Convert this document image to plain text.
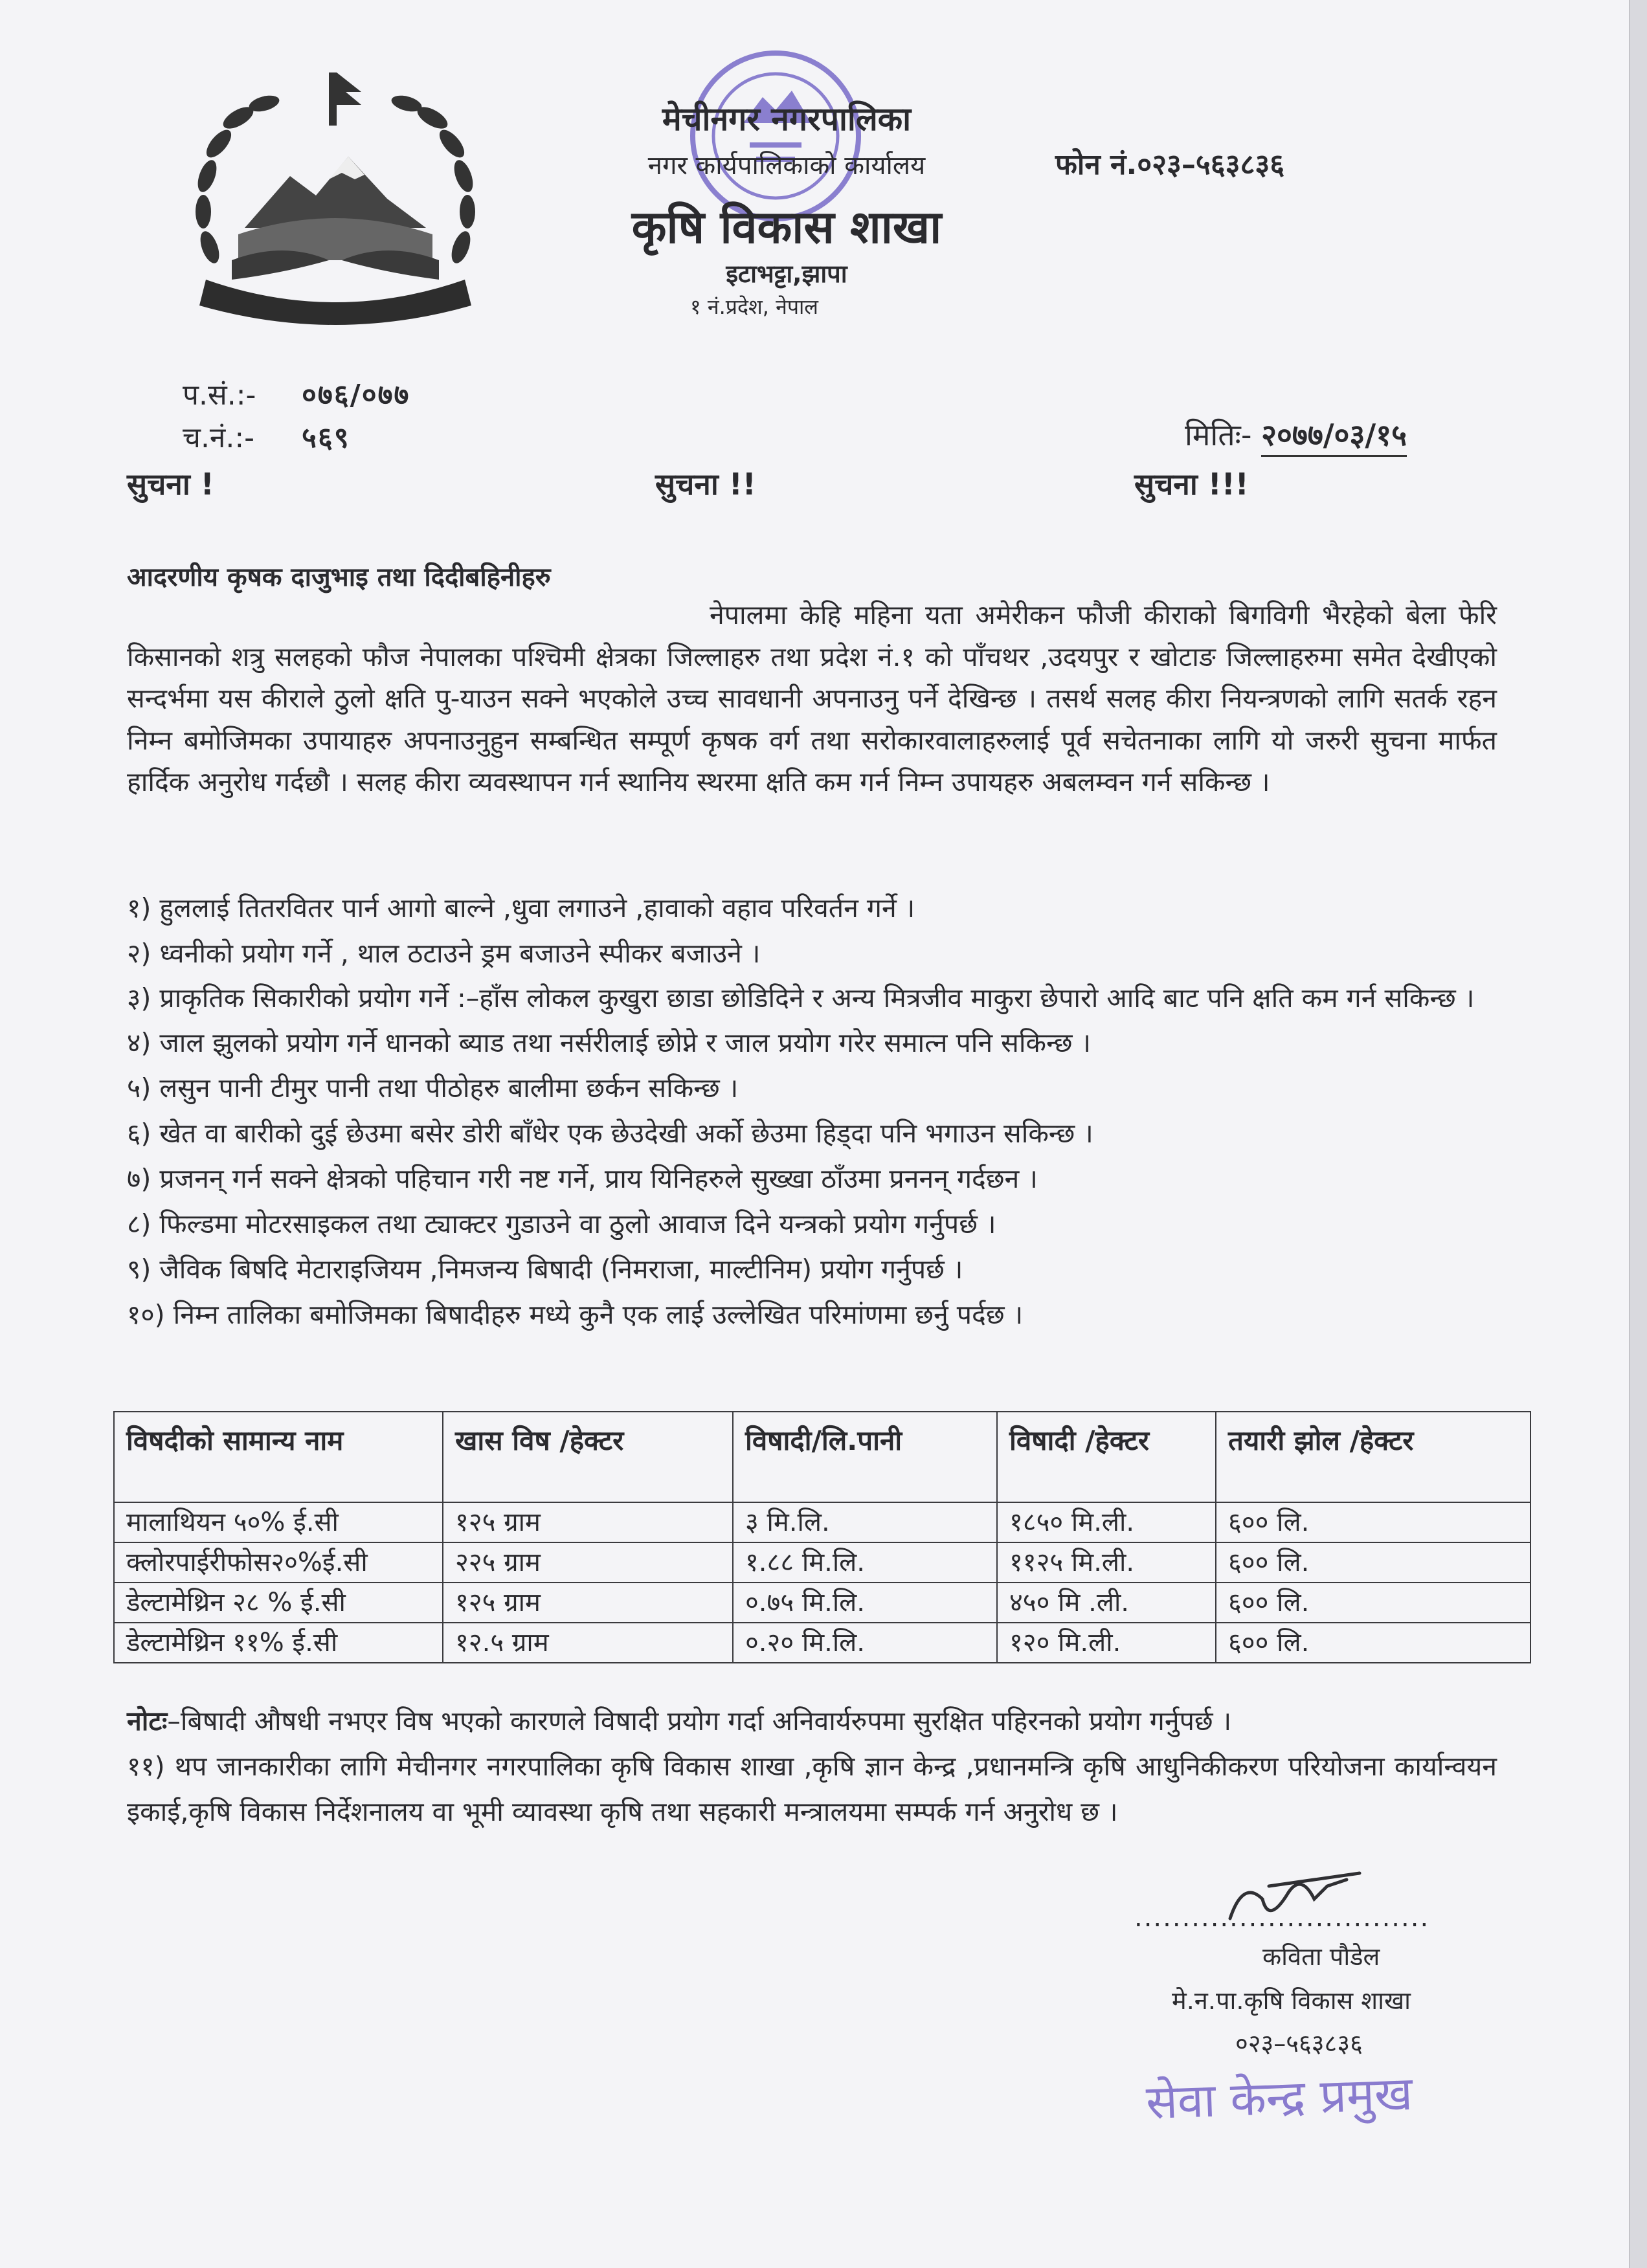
मेचीनगर नगरपालिका
नगर कार्यपालिकाको कार्यालय
कृषि विकास शाखा
इटाभट्टा,झापा
१ नं.प्रदेश, नेपाल
फोन नं.०२३–५६३८३६
प.सं.:- ०७६/०७७
च.नं.:- ५६९	मितिः- २०७७/०३/१५
सुचना !	सुचना !!	सुचना !!!
आदरणीय कृषक दाजुभाइ तथा दिदीबहिनीहरु
नेपालमा केहि महिना यता अमेरीकन फौजी कीराको बिगविगी भैरहेको बेला फेरि किसानको शत्रु सलहको फौज नेपालका पश्चिमी क्षेत्रका जिल्लाहरु तथा प्रदेश नं.१ को पाँचथर ,उदयपुर र खोटाङ जिल्लाहरुमा समेत देखीएको सन्दर्भमा यस कीराले ठुलो क्षति पु-याउन सक्ने भएकोले उच्च सावधानी अपनाउनु पर्ने देखिन्छ । तसर्थ सलह कीरा नियन्त्रणको लागि सतर्क रहन निम्न बमोजिमका उपायाहरु अपनाउनुहुन सम्बन्धित सम्पूर्ण कृषक वर्ग तथा सरोकारवालाहरुलाई पूर्व सचेतनाका लागि यो जरुरी सुचना मार्फत हार्दिक अनुरोध गर्दछौ । सलह कीरा व्यवस्थापन गर्न स्थानिय स्थरमा क्षति कम गर्न निम्न उपायहरु अबलम्वन गर्न सकिन्छ ।
१) हुललाई तितरवितर पार्न आगो बाल्ने ,धुवा लगाउने ,हावाको वहाव परिवर्तन गर्ने ।
२) ध्वनीको प्रयोग गर्ने , थाल ठटाउने ड्रम बजाउने स्पीकर बजाउने ।
३) प्राकृतिक सिकारीको प्रयोग गर्ने :–हाँस लोकल कुखुरा छाडा छोडिदिने र अन्य मित्रजीव माकुरा छेपारो आदि बाट पनि क्षति कम गर्न सकिन्छ ।
४) जाल झुलको प्रयोग गर्ने धानको ब्याड तथा नर्सरीलाई छोप्ने र जाल प्रयोग गरेर समात्न पनि सकिन्छ ।
५) लसुन पानी टीमुर पानी तथा पीठोहरु बालीमा छर्कन सकिन्छ ।
६) खेत वा बारीको दुई छेउमा बसेर डोरी बाँधेर एक छेउदेखी अर्को छेउमा हिड्दा पनि भगाउन सकिन्छ ।
७) प्रजनन् गर्न सक्ने क्षेत्रको पहिचान गरी नष्ट गर्ने, प्राय यिनिहरुले सुख्खा ठाँउमा प्रननन् गर्दछन ।
८) फिल्डमा मोटरसाइकल तथा ट्याक्टर गुडाउने वा ठुलो आवाज दिने यन्त्रको प्रयोग गर्नुपर्छ ।
९) जैविक बिषदि मेटाराइजियम ,निमजन्य बिषादी (निमराजा, माल्टीनिम) प्रयोग गर्नुपर्छ ।
१०) निम्न तालिका बमोजिमका बिषादीहरु मध्ये कुनै एक लाई उल्लेखित परिमांणमा छर्नु पर्दछ ।
विषदीको सामान्य नाम	खास विष /हेक्टर	विषादी/लि.पानी	विषादी /हेक्टर	तयारी झोल /हेक्टर
मालाथियन ५०% ई.सी	१२५ ग्राम	३ मि.लि.	१८५० मि.ली.	६०० लि.
क्लोरपाईरीफोस२०%ई.सी	२२५ ग्राम	१.८८ मि.लि.	११२५ मि.ली.	६०० लि.
डेल्टामेथ्रिन २८ % ई.सी	१२५ ग्राम	०.७५ मि.लि.	४५० मि .ली.	६०० लि.
डेल्टामेथ्रिन ११% ई.सी	१२.५ ग्राम	०.२० मि.लि.	१२० मि.ली.	६०० लि.
नोटः–बिषादी औषधी नभएर विष भएको कारणले विषादी प्रयोग गर्दा अनिवार्यरुपमा सुरक्षित पहिरनको प्रयोग गर्नुपर्छ ।
११) थप जानकारीका लागि मेचीनगर नगरपालिका कृषि विकास शाखा ,कृषि ज्ञान केन्द्र ,प्रधानमन्त्रि कृषि आधुनिकीकरण परियोजना कार्यान्वयन इकाई,कृषि विकास निर्देशनालय वा भूमी व्यावस्था कृषि तथा सहकारी मन्त्रालयमा सम्पर्क गर्न अनुरोध छ ।
...............................
कविता पौडेल
मे.न.पा.कृषि विकास शाखा
०२३–५६३८३६
सेवा केन्द्र प्रमुख
